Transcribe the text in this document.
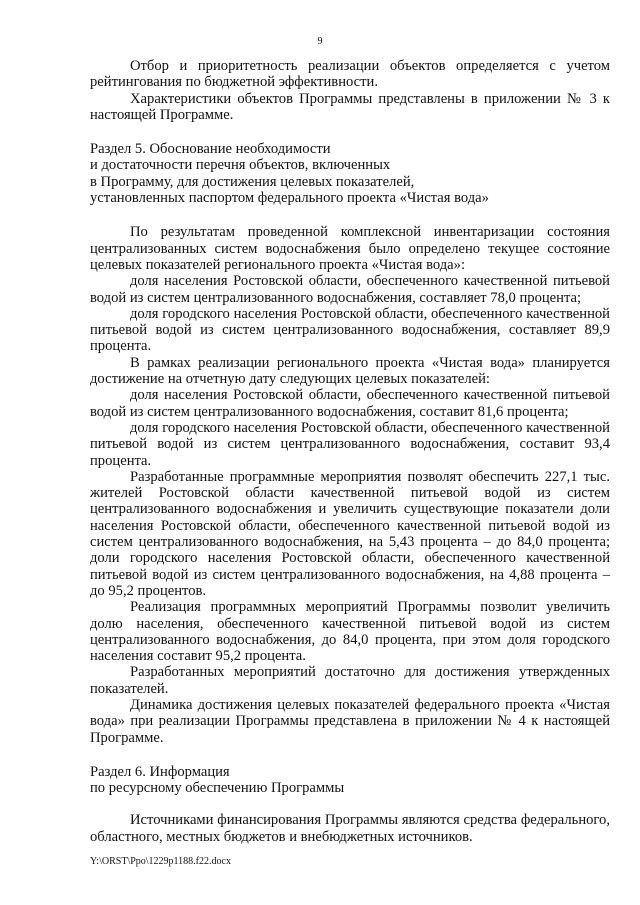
9

Отбор и приоритетность реализации объектов определяется с учетом рейтингования по бюджетной эффективности.

Характеристики объектов Программы представлены в приложении № 3 к настоящей Программе.

Раздел 5. Обоснование необходимости

и достаточности перечня объектов, включенных

в Программу, для достижения целевых показателей,

установленных паспортом федерального проекта «Чистая вода»

По результатам проведенной комплексной инвентаризации состояния централизованных систем водоснабжения было определено текущее состояние целевых показателей регионального проекта «Чистая вода»:

доля населения Ростовской области, обеспеченного качественной питьевой водой из систем централизованного водоснабжения, составляет 78,0 процента;

доля городского населения Ростовской области, обеспеченного качественной питьевой водой из систем централизованного водоснабжения, составляет 89,9 процента.

В рамках реализации регионального проекта «Чистая вода» планируется достижение на отчетную дату следующих целевых показателей:

доля населения Ростовской области, обеспеченного качественной питьевой водой из систем централизованного водоснабжения, составит 81,6 процента;

доля городского населения Ростовской области, обеспеченного качественной питьевой водой из систем централизованного водоснабжения, составит 93,4 процента.

Разработанные программные мероприятия позволят обеспечить 227,1 тыс. жителей Ростовской области качественной питьевой водой из систем централизованного водоснабжения и увеличить существующие показатели доли населения Ростовской области, обеспеченного качественной питьевой водой из систем централизованного водоснабжения, на 5,43 процента – до 84,0 процента; доли городского населения Ростовской области, обеспеченного качественной питьевой водой из систем централизованного водоснабжения, на 4,88 процента – до 95,2 процентов.

Реализация программных мероприятий Программы позволит увеличить долю населения, обеспеченного качественной питьевой водой из систем централизованного водоснабжения, до 84,0 процента, при этом доля городского населения составит 95,2 процента.

Разработанных мероприятий достаточно для достижения утвержденных показателей.

Динамика достижения целевых показателей федерального проекта «Чистая вода» при реализации Программы представлена в приложении № 4 к настоящей Программе.

Раздел 6. Информация

по ресурсному обеспечению Программы

Источниками финансирования Программы являются средства федерального, областного, местных бюджетов и внебюджетных источников.

Y:\ORST\Ppo\1229p1188.f22.docx
